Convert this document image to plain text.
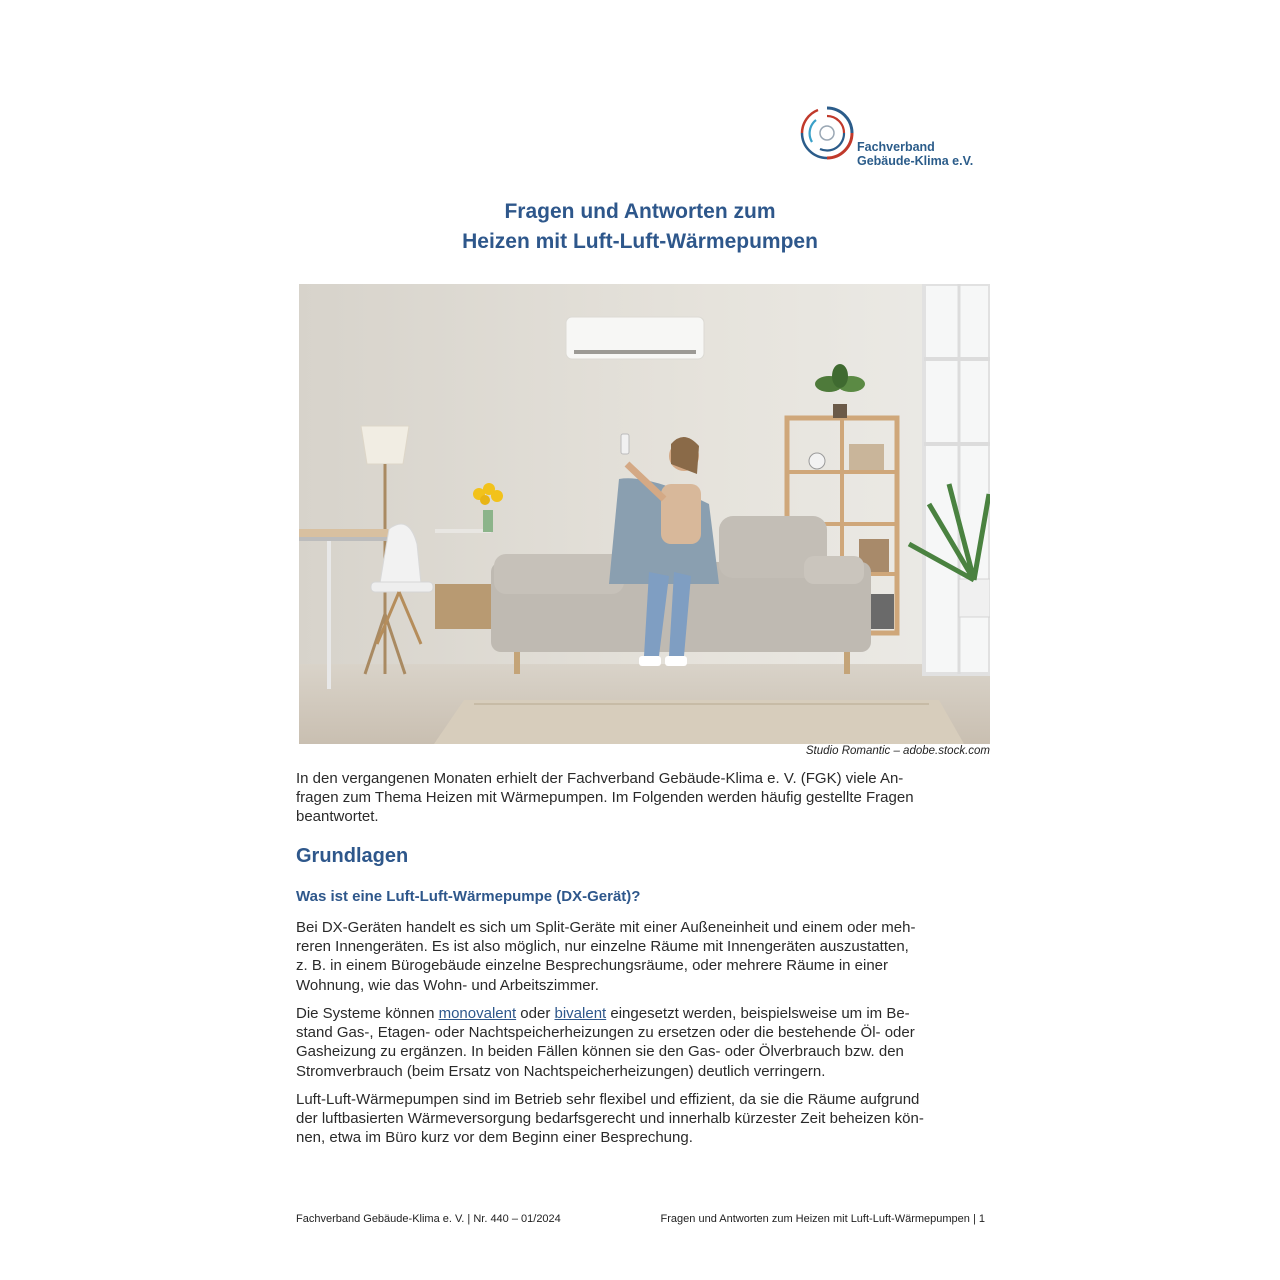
Fachverband
Gebäude-Klima e.V.
Fragen und Antworten zum
Heizen mit Luft-Luft-Wärmepumpen
Studio Romantic – adobe.stock.com
In den vergangenen Monaten erhielt der Fachverband Gebäude-Klima e. V. (FGK) viele An-
fragen zum Thema Heizen mit Wärmepumpen. Im Folgenden werden häufig gestellte Fragen
beantwortet.
Grundlagen
Was ist eine Luft-Luft-Wärmepumpe (DX-Gerät)?
Bei DX-Geräten handelt es sich um Split-Geräte mit einer Außeneinheit und einem oder meh-
reren Innengeräten. Es ist also möglich, nur einzelne Räume mit Innengeräten auszustatten,
z. B. in einem Bürogebäude einzelne Besprechungsräume, oder mehrere Räume in einer
Wohnung, wie das Wohn- und Arbeitszimmer.
Die Systeme können monovalent oder bivalent eingesetzt werden, beispielsweise um im Be-
stand Gas-, Etagen- oder Nachtspeicherheizungen zu ersetzen oder die bestehende Öl- oder
Gasheizung zu ergänzen. In beiden Fällen können sie den Gas- oder Ölverbrauch bzw. den
Stromverbrauch (beim Ersatz von Nachtspeicherheizungen) deutlich verringern.
Luft-Luft-Wärmepumpen sind im Betrieb sehr flexibel und effizient, da sie die Räume aufgrund
der luftbasierten Wärmeversorgung bedarfsgerecht und innerhalb kürzester Zeit beheizen kön-
nen, etwa im Büro kurz vor dem Beginn einer Besprechung.
Fachverband Gebäude-Klima e. V. | Nr. 440 – 01/2024	Fragen und Antworten zum Heizen mit Luft-Luft-Wärmepumpen | 1
